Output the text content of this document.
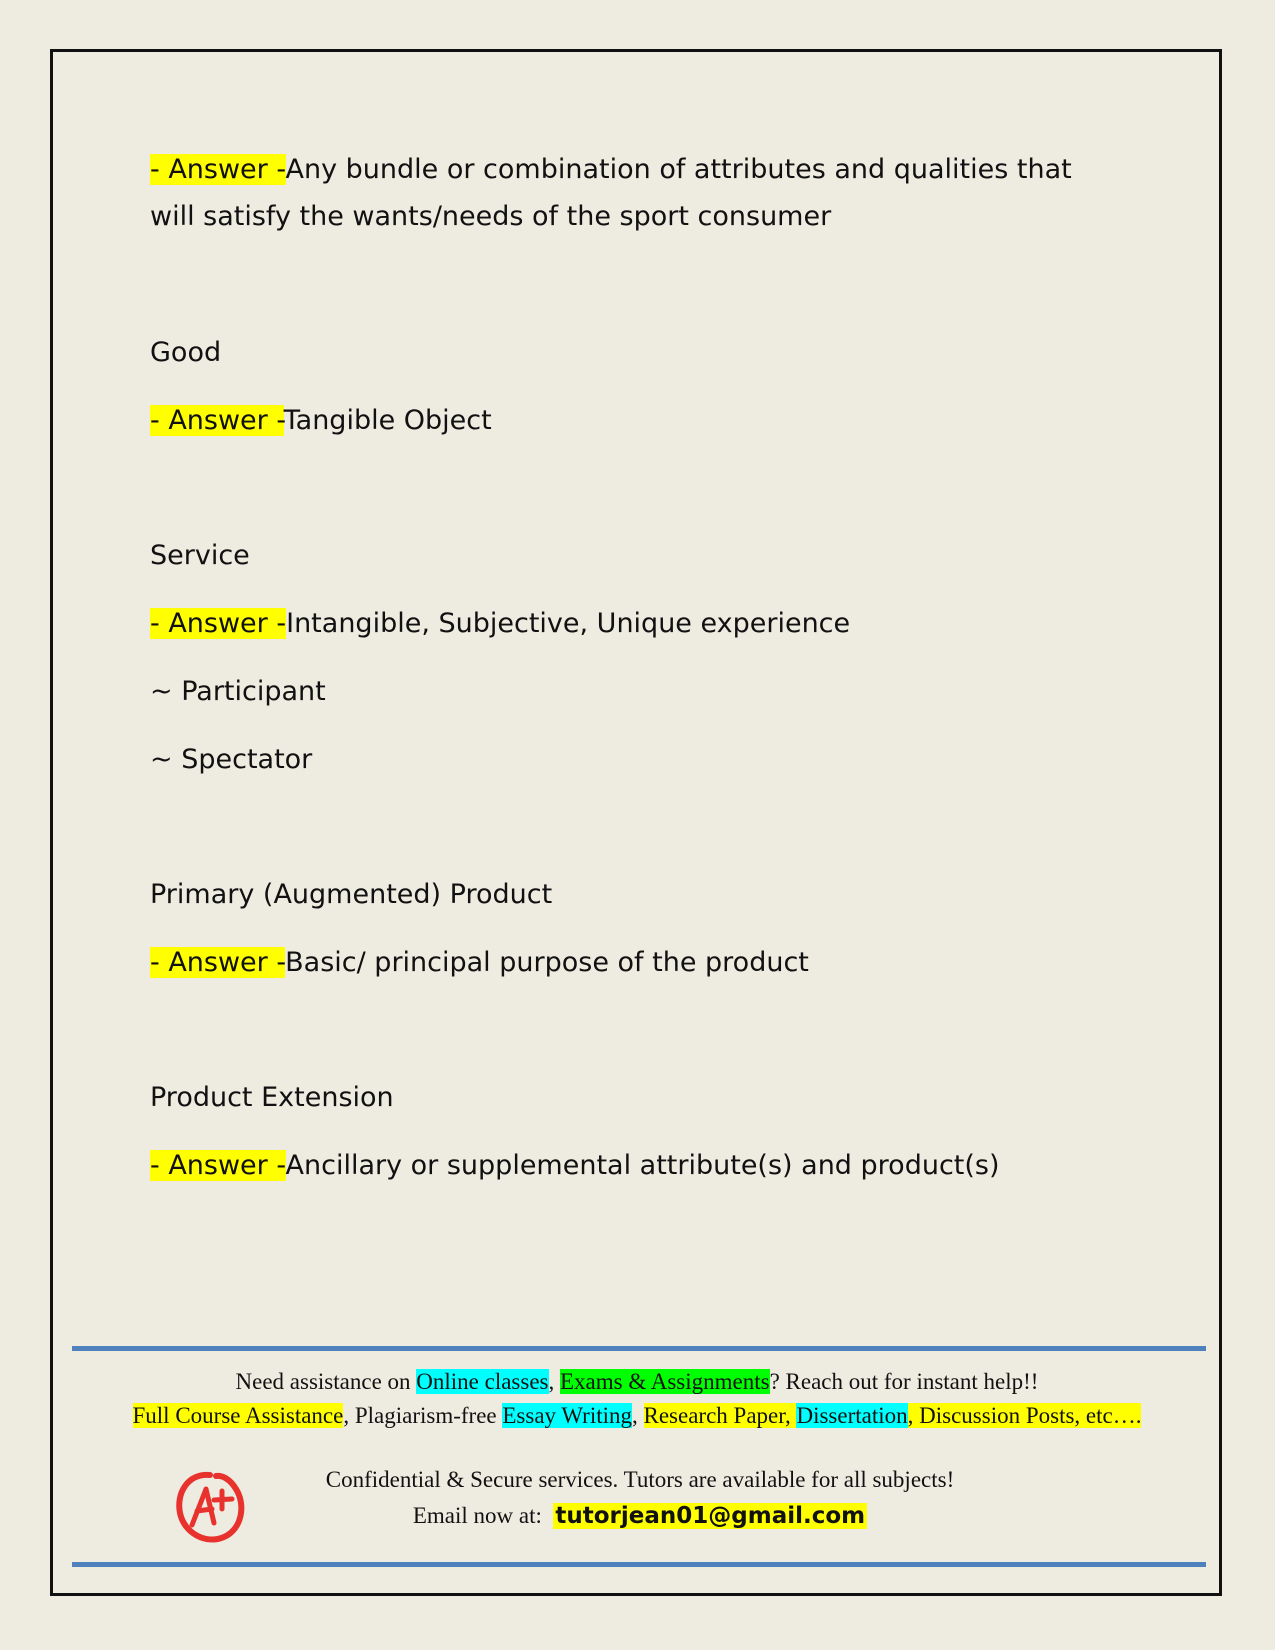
- Answer -Any bundle or combination of attributes and qualities that
will satisfy the wants/needs of the sport consumer
Good
- Answer -Tangible Object
Service
- Answer -Intangible, Subjective, Unique experience
~ Participant
~ Spectator
Primary (Augmented) Product
- Answer -Basic/ principal purpose of the product
Product Extension
- Answer -Ancillary or supplemental attribute(s) and product(s)
Need assistance on Online classes, Exams & Assignments? Reach out for instant help!!
Full Course Assistance, Plagiarism-free Essay Writing, Research Paper, Dissertation, Discussion Posts, etc….
Confidential & Secure services. Tutors are available for all subjects!
Email now at:  tutorjean01@gmail.com
